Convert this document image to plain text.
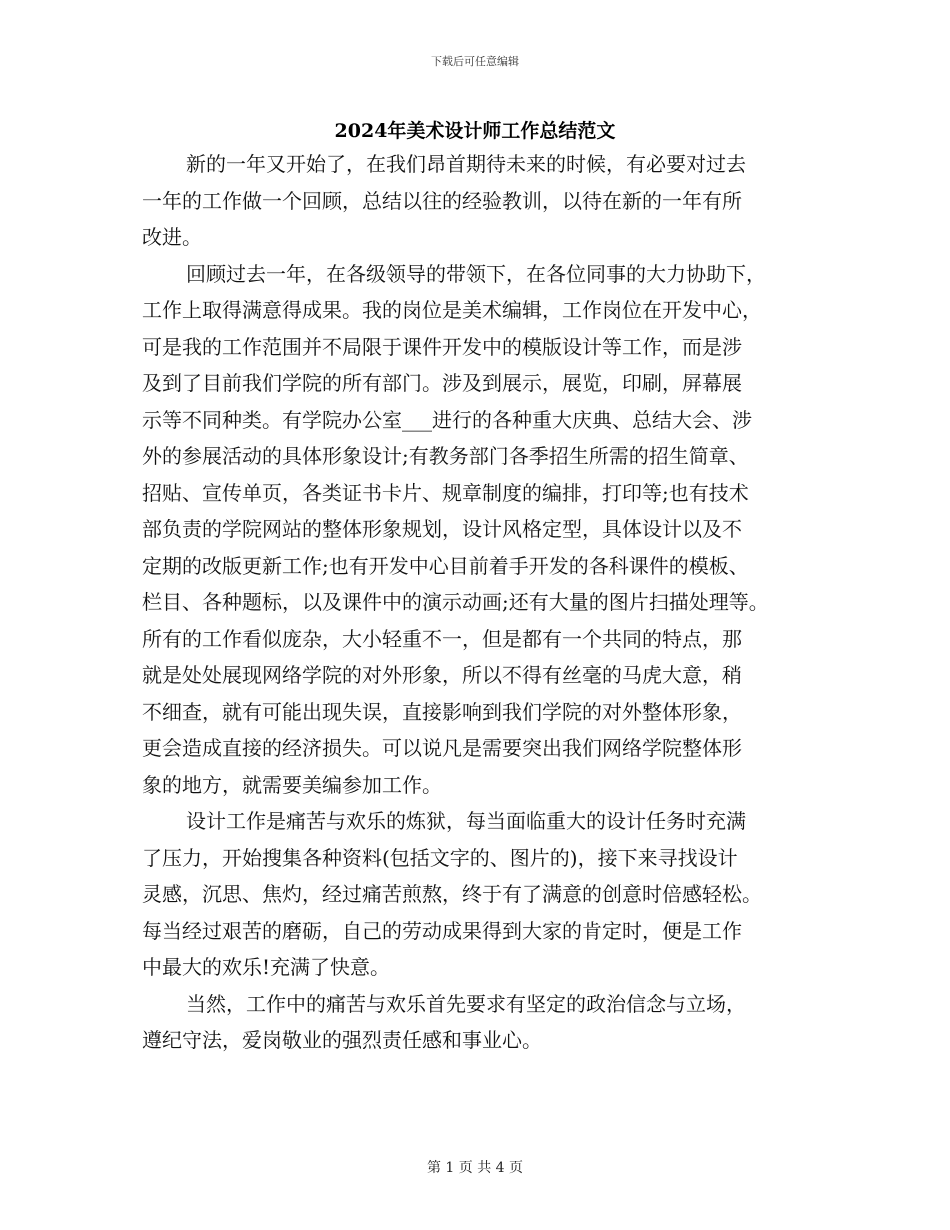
下载后可任意编辑
2024年美术设计师工作总结范文
新的一年又开始了，在我们昂首期待未来的时候，有必要对过去
一年的工作做一个回顾，总结以往的经验教训，以待在新的一年有所
改进。
回顾过去一年，在各级领导的带领下，在各位同事的大力协助下，
工作上取得满意得成果。我的岗位是美术编辑，工作岗位在开发中心，
可是我的工作范围并不局限于课件开发中的模版设计等工作，而是涉
及到了目前我们学院的所有部门。涉及到展示，展览，印刷，屏幕展
示等不同种类。有学院办公室___进行的各种重大庆典、总结大会、涉
外的参展活动的具体形象设计;有教务部门各季招生所需的招生简章、
招贴、宣传单页，各类证书卡片、规章制度的编排，打印等;也有技术
部负责的学院网站的整体形象规划，设计风格定型，具体设计以及不
定期的改版更新工作;也有开发中心目前着手开发的各科课件的模板、
栏目、各种题标，以及课件中的演示动画;还有大量的图片扫描处理等。
所有的工作看似庞杂，大小轻重不一，但是都有一个共同的特点，那
就是处处展现网络学院的对外形象，所以不得有丝毫的马虎大意，稍
不细查，就有可能出现失误，直接影响到我们学院的对外整体形象，
更会造成直接的经济损失。可以说凡是需要突出我们网络学院整体形
象的地方，就需要美编参加工作。
设计工作是痛苦与欢乐的炼狱，每当面临重大的设计任务时充满
了压力，开始搜集各种资料(包括文字的、图片的)，接下来寻找设计
灵感，沉思、焦灼，经过痛苦煎熬，终于有了满意的创意时倍感轻松。
每当经过艰苦的磨砺，自己的劳动成果得到大家的肯定时，便是工作
中最大的欢乐!充满了快意。
当然，工作中的痛苦与欢乐首先要求有坚定的政治信念与立场，
遵纪守法，爱岗敬业的强烈责任感和事业心。
第 1 页 共 4 页
